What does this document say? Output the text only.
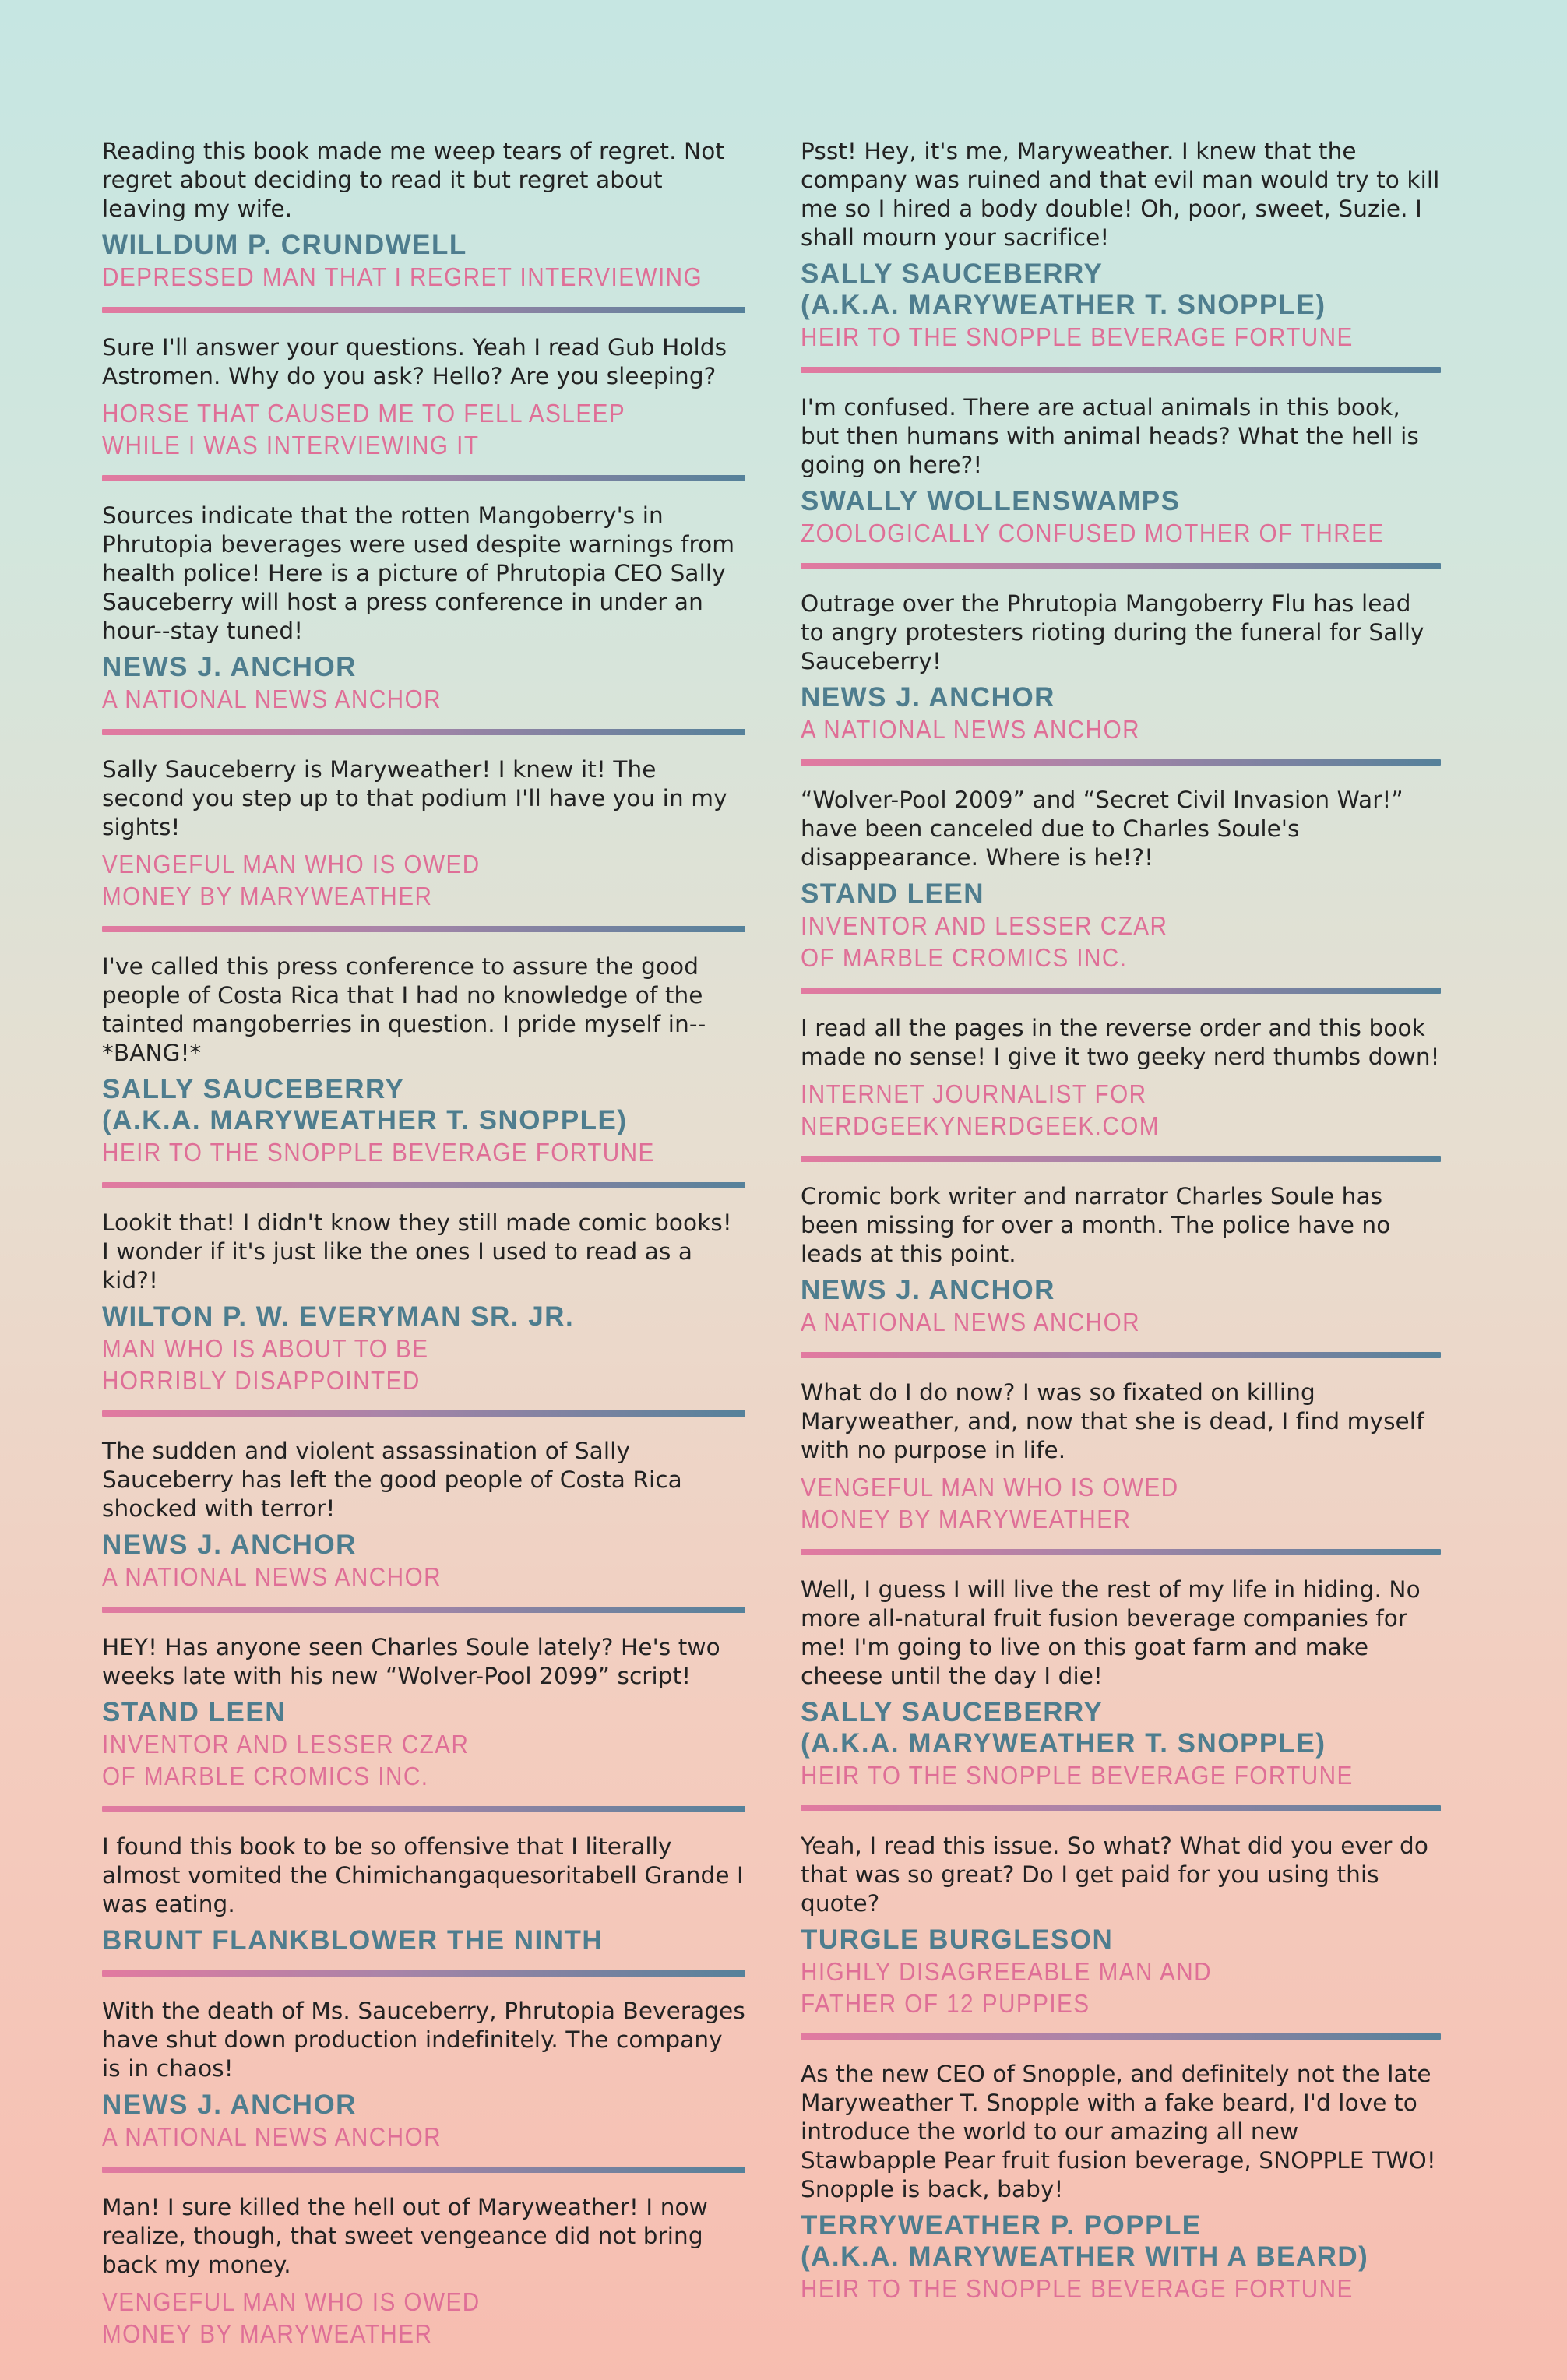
Reading this book made me weep tears of regret. Not regret about deciding to read it but regret about leaving my wife.
WILLDUM P. CRUNDWELL
DEPRESSED MAN THAT I REGRET INTERVIEWING
Sure I'll answer your questions. Yeah I read Gub Holds Astromen. Why do you ask? Hello? Are you sleeping?
HORSE THAT CAUSED ME TO FELL ASLEEP
WHILE I WAS INTERVIEWING IT
Sources indicate that the rotten Mangoberry's in Phrutopia beverages were used despite warnings from health police! Here is a picture of Phrutopia CEO Sally Sauceberry will host a press conference in under an hour--stay tuned!
NEWS J. ANCHOR
A NATIONAL NEWS ANCHOR
Sally Sauceberry is Maryweather! I knew it! The second you step up to that podium I'll have you in my sights!
VENGEFUL MAN WHO IS OWED
MONEY BY MARYWEATHER
I've called this press conference to assure the good people of Costa Rica that I had no knowledge of the tainted mangoberries in question. I pride myself in-- *BANG!*
SALLY SAUCEBERRY
(A.K.A. MARYWEATHER T. SNOPPLE)
HEIR TO THE SNOPPLE BEVERAGE FORTUNE
Lookit that! I didn't know they still made comic books! I wonder if it's just like the ones I used to read as a kid?!
WILTON P. W. EVERYMAN SR. JR.
MAN WHO IS ABOUT TO BE
HORRIBLY DISAPPOINTED
The sudden and violent assassination of Sally Sauceberry has left the good people of Costa Rica shocked with terror!
NEWS J. ANCHOR
A NATIONAL NEWS ANCHOR
HEY! Has anyone seen Charles Soule lately? He's two weeks late with his new “Wolver-Pool 2099” script!
STAND LEEN
INVENTOR AND LESSER CZAR
OF MARBLE CROMICS INC.
I found this book to be so offensive that I literally almost vomited the Chimichangaquesoritabell Grande I was eating.
BRUNT FLANKBLOWER THE NINTH
With the death of Ms. Sauceberry, Phrutopia Beverages have shut down production indefinitely. The company is in chaos!
NEWS J. ANCHOR
A NATIONAL NEWS ANCHOR
Man! I sure killed the hell out of Maryweather! I now realize, though, that sweet vengeance did not bring back my money.
VENGEFUL MAN WHO IS OWED
MONEY BY MARYWEATHER
Psst! Hey, it's me, Maryweather. I knew that the company was ruined and that evil man would try to kill me so I hired a body double! Oh, poor, sweet, Suzie. I shall mourn your sacrifice!
SALLY SAUCEBERRY
(A.K.A. MARYWEATHER T. SNOPPLE)
HEIR TO THE SNOPPLE BEVERAGE FORTUNE
I'm confused. There are actual animals in this book, but then humans with animal heads? What the hell is going on here?!
SWALLY WOLLENSWAMPS
ZOOLOGICALLY CONFUSED MOTHER OF THREE
Outrage over the Phrutopia Mangoberry Flu has lead to angry protesters rioting during the funeral for Sally Sauceberry!
NEWS J. ANCHOR
A NATIONAL NEWS ANCHOR
“Wolver-Pool 2009” and “Secret Civil Invasion War!” have been canceled due to Charles Soule's disappearance. Where is he!?!
STAND LEEN
INVENTOR AND LESSER CZAR
OF MARBLE CROMICS INC.
I read all the pages in the reverse order and this book made no sense! I give it two geeky nerd thumbs down!
INTERNET JOURNALIST FOR
NERDGEEKYNERDGEEK.COM
Cromic bork writer and narrator Charles Soule has been missing for over a month. The police have no leads at this point.
NEWS J. ANCHOR
A NATIONAL NEWS ANCHOR
What do I do now? I was so fixated on killing Maryweather, and, now that she is dead, I find myself with no purpose in life.
VENGEFUL MAN WHO IS OWED
MONEY BY MARYWEATHER
Well, I guess I will live the rest of my life in hiding. No more all-natural fruit fusion beverage companies for me! I'm going to live on this goat farm and make cheese until the day I die!
SALLY SAUCEBERRY
(A.K.A. MARYWEATHER T. SNOPPLE)
HEIR TO THE SNOPPLE BEVERAGE FORTUNE
Yeah, I read this issue. So what? What did you ever do that was so great? Do I get paid for you using this quote?
TURGLE BURGLESON
HIGHLY DISAGREEABLE MAN AND
FATHER OF 12 PUPPIES
As the new CEO of Snopple, and definitely not the late Maryweather T. Snopple with a fake beard, I'd love to introduce the world to our amazing all new Stawbapple Pear fruit fusion beverage, SNOPPLE TWO! Snopple is back, baby!
TERRYWEATHER P. POPPLE
(A.K.A. MARYWEATHER WITH A BEARD)
HEIR TO THE SNOPPLE BEVERAGE FORTUNE
